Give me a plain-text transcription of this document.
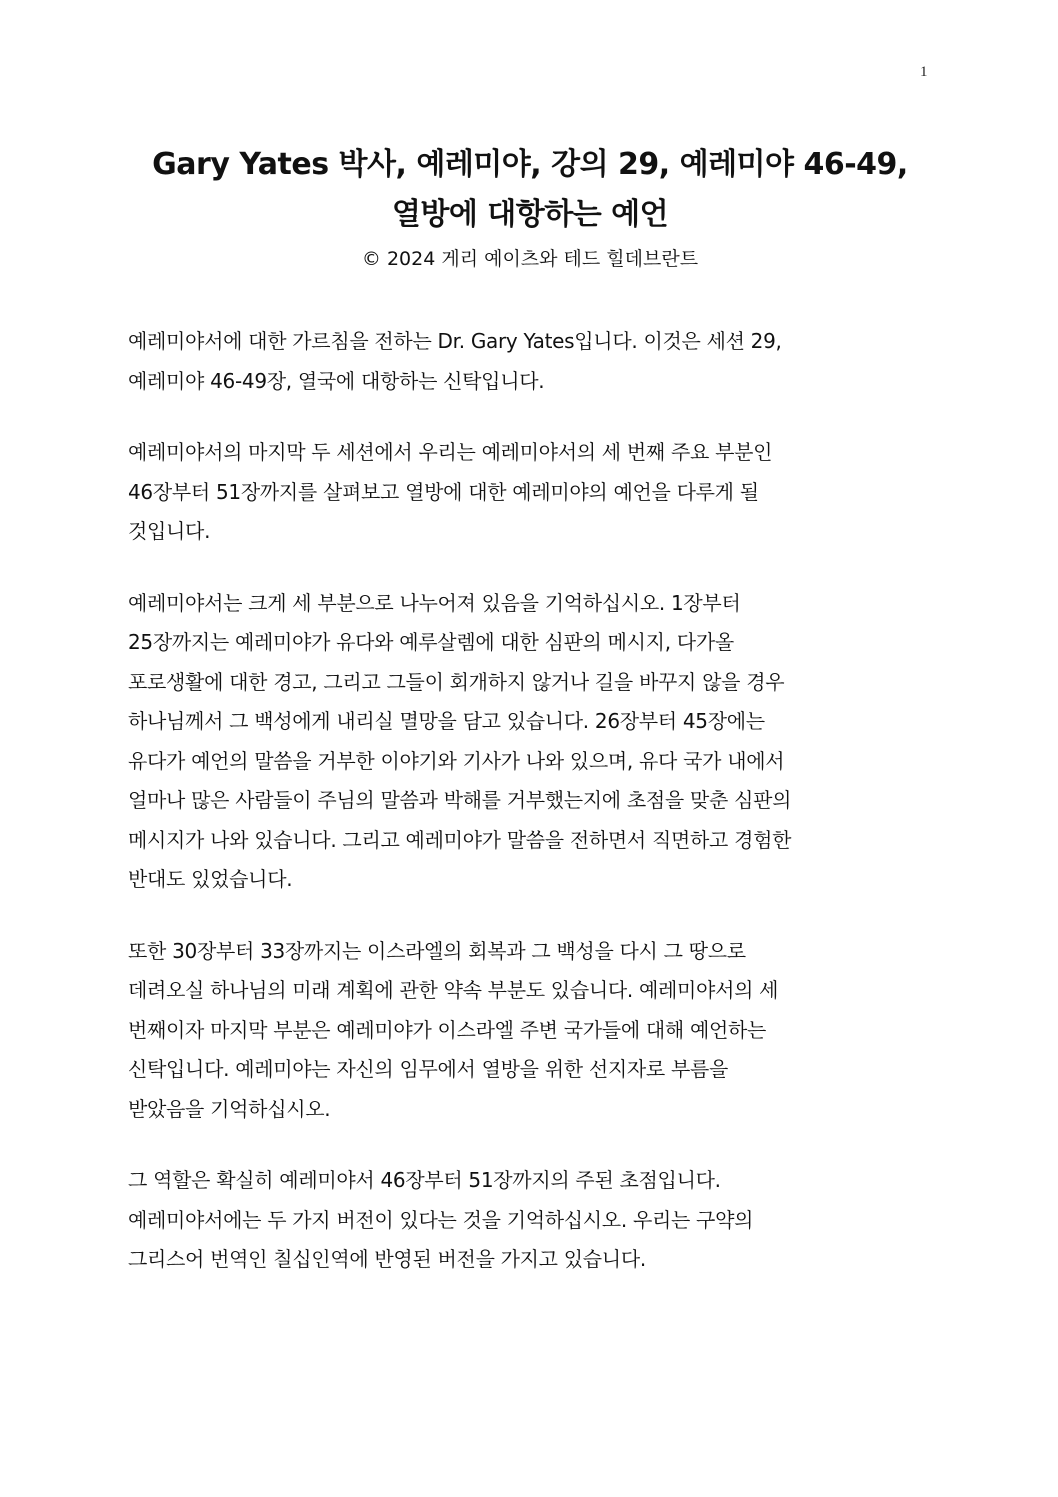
1

Gary Yates 박사, 예레미야, 강의 29, 예레미야 46-49,

열방에 대항하는 예언

© 2024 게리 예이츠와 테드 힐데브란트

예레미야서에 대한 가르침을 전하는 Dr. Gary Yates입니다. 이것은 세션 29,
예레미야 46-49장, 열국에 대항하는 신탁입니다.

예레미야서의 마지막 두 세션에서 우리는 예레미야서의 세 번째 주요 부분인
46장부터 51장까지를 살펴보고 열방에 대한 예레미야의 예언을 다루게 될
것입니다.

예레미야서는 크게 세 부분으로 나누어져 있음을 기억하십시오. 1장부터
25장까지는 예레미야가 유다와 예루살렘에 대한 심판의 메시지, 다가올
포로생활에 대한 경고, 그리고 그들이 회개하지 않거나 길을 바꾸지 않을 경우
하나님께서 그 백성에게 내리실 멸망을 담고 있습니다. 26장부터 45장에는
유다가 예언의 말씀을 거부한 이야기와 기사가 나와 있으며, 유다 국가 내에서
얼마나 많은 사람들이 주님의 말씀과 박해를 거부했는지에 초점을 맞춘 심판의
메시지가 나와 있습니다. 그리고 예레미야가 말씀을 전하면서 직면하고 경험한
반대도 있었습니다.

또한 30장부터 33장까지는 이스라엘의 회복과 그 백성을 다시 그 땅으로
데려오실 하나님의 미래 계획에 관한 약속 부분도 있습니다. 예레미야서의 세
번째이자 마지막 부분은 예레미야가 이스라엘 주변 국가들에 대해 예언하는
신탁입니다. 예레미야는 자신의 임무에서 열방을 위한 선지자로 부름을
받았음을 기억하십시오.

그 역할은 확실히 예레미야서 46장부터 51장까지의 주된 초점입니다.
예레미야서에는 두 가지 버전이 있다는 것을 기억하십시오. 우리는 구약의
그리스어 번역인 칠십인역에 반영된 버전을 가지고 있습니다.
